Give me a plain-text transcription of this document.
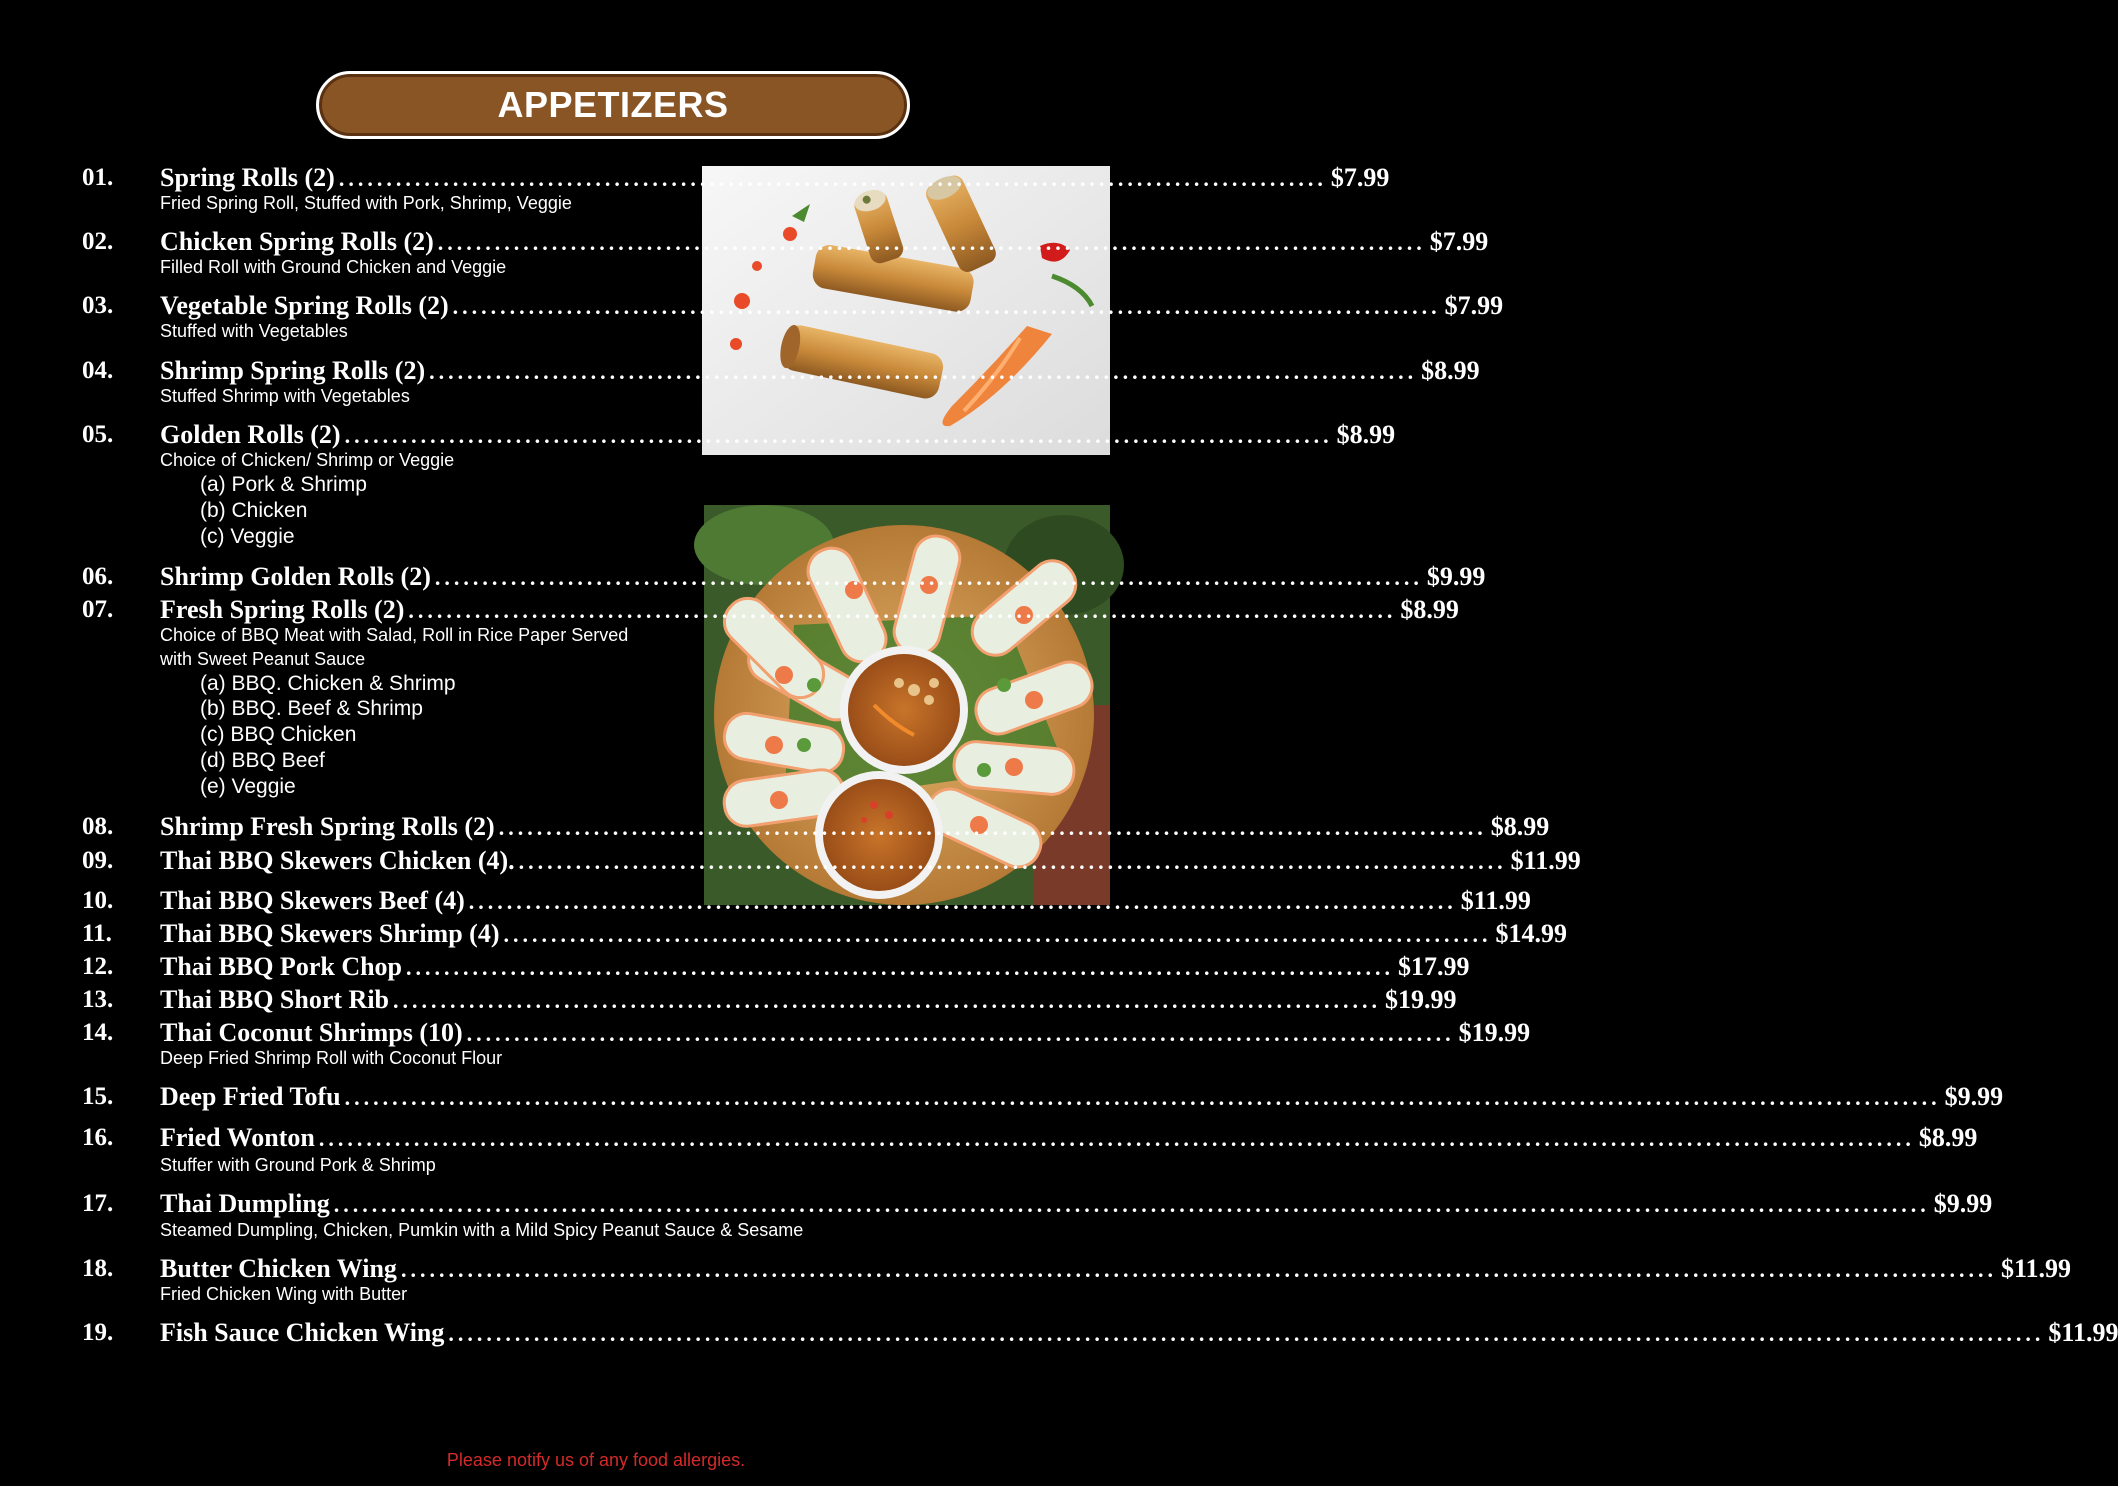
APPETIZERS
01. Spring Rolls (2) ........................................................................................................ $7.99
Fried Spring Roll, Stuffed with Pork, Shrimp, Veggie
02. Chicken Spring Rolls (2) ........................................................................................................ $7.99
Filled Roll with Ground Chicken and Veggie
03. Vegetable Spring Rolls (2) ........................................................................................................ $7.99
Stuffed with Vegetables
04. Shrimp Spring Rolls (2) ........................................................................................................ $8.99
Stuffed Shrimp with Vegetables
05. Golden Rolls (2) ........................................................................................................ $8.99
Choice of Chicken/ Shrimp or Veggie
(a) Pork & Shrimp
(b) Chicken
(c) Veggie
06. Shrimp Golden Rolls (2) ........................................................................................................ $9.99
07. Fresh Spring Rolls (2) ........................................................................................................ $8.99
Choice of BBQ Meat with Salad, Roll in Rice Paper Served
with Sweet Peanut Sauce
(a) BBQ. Chicken & Shrimp
(b) BBQ. Beef & Shrimp
(c) BBQ Chicken
(d) BBQ Beef
(e) Veggie
08. Shrimp Fresh Spring Rolls (2) ........................................................................................................ $8.99
09. Thai BBQ Skewers Chicken (4). ........................................................................................................ $11.99
10. Thai BBQ Skewers Beef (4) ........................................................................................................ $11.99
11. Thai BBQ Skewers Shrimp (4) ........................................................................................................ $14.99
12. Thai BBQ Pork Chop ........................................................................................................ $17.99
13. Thai BBQ Short Rib ........................................................................................................ $19.99
14. Thai Coconut Shrimps (10) ........................................................................................................ $19.99
Deep Fried Shrimp Roll with Coconut Flour
15. Deep Fried Tofu ........................................................................................................................................................................ $9.99
16. Fried Wonton ........................................................................................................................................................................ $8.99
Stuffer with Ground Pork & Shrimp
17. Thai Dumpling ........................................................................................................................................................................ $9.99
Steamed Dumpling, Chicken, Pumkin with a Mild Spicy Peanut Sauce & Sesame
18. Butter Chicken Wing ........................................................................................................................................................................ $11.99
Fried Chicken Wing with Butter
19. Fish Sauce Chicken Wing ........................................................................................................................................................................ $11.99
Please notify us of any food allergies.
